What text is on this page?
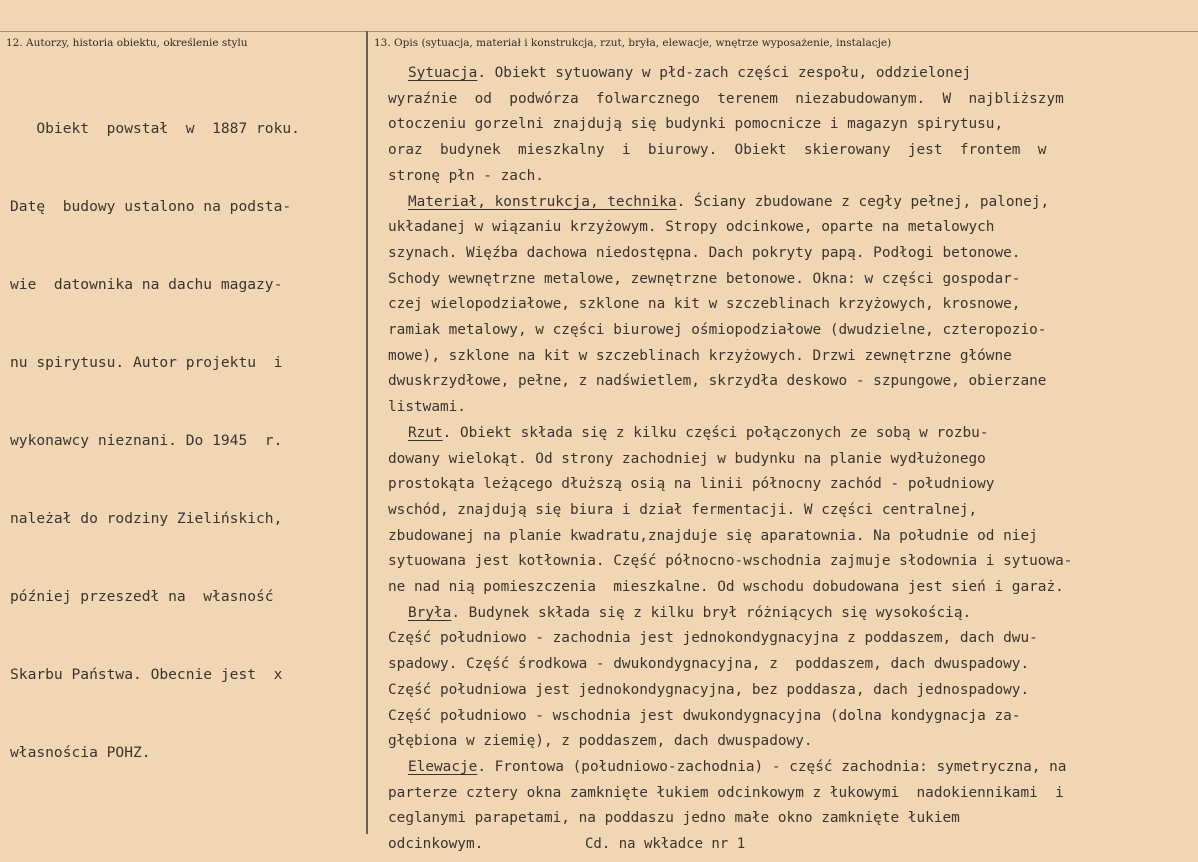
12. Autorzy, historia obiektu, określenie stylu	13. Opis (sytuacja, materiał i konstrukcja, rzut, bryła, elewacje, wnętrze wyposażenie, instalacje)

Obiekt  powstał  w  1887 roku.

Datę  budowy ustalono na podsta-

wie  datownika na dachu magazy-

nu spirytusu. Autor projektu  i

wykonawcy nieznani. Do 1945  r.

należał do rodziny Zielińskich,

później przeszedł na  własność

Skarbu Państwa. Obecnie jest  x

własnościa POHZ.

Sytuacja. Obiekt sytuowany w płd-zach części zespołu, oddzielonej
wyraźnie  od  podwórza  folwarcznego  terenem  niezabudowanym.  W  najbliższym
otoczeniu gorzelni znajdują się budynki pomocnicze i magazyn spirytusu,
oraz  budynek  mieszkalny  i  biurowy.  Obiekt  skierowany  jest  frontem  w
stronę płn - zach.
Materiał, konstrukcja, technika. Ściany zbudowane z cegły pełnej, palonej,
układanej w wiązaniu krzyżowym. Stropy odcinkowe, oparte na metalowych
szynach. Więźba dachowa niedostępna. Dach pokryty papą. Podłogi betonowe.
Schody wewnętrzne metalowe, zewnętrzne betonowe. Okna: w części gospodar-
czej wielopodziałowe, szklone na kit w szczeblinach krzyżowych, krosnowe,
ramiak metalowy, w części biurowej ośmiopodziałowe (dwudzielne, czteropozio-
mowe), szklone na kit w szczeblinach krzyżowych. Drzwi zewnętrzne główne
dwuskrzydłowe, pełne, z nadświetlem, skrzydła deskowo - szpungowe, obierzane
listwami.
Rzut. Obiekt składa się z kilku części połączonych ze sobą w rozbu-
dowany wielokąt. Od strony zachodniej w budynku na planie wydłużonego
prostokąta leżącego dłuższą osią na linii północny zachód - południowy
wschód, znajdują się biura i dział fermentacji. W części centralnej,
zbudowanej na planie kwadratu,znajduje się aparatownia. Na południe od niej
sytuowana jest kotłownia. Część północno-wschodnia zajmuje słodownia i sytuowa-
ne nad nią pomieszczenia  mieszkalne. Od wschodu dobudowana jest sień i garaż.
Bryła. Budynek składa się z kilku brył różniących się wysokością.
Część południowo - zachodnia jest jednokondygnacyjna z poddaszem, dach dwu-
spadowy. Część środkowa - dwukondygnacyjna, z  poddaszem, dach dwuspadowy.
Część południowa jest jednokondygnacyjna, bez poddasza, dach jednospadowy.
Część południowo - wschodnia jest dwukondygnacyjna (dolna kondygnacja za-
głębiona w ziemię), z poddaszem, dach dwuspadowy.
Elewacje. Frontowa (południowo-zachodnia) - część zachodnia: symetryczna, na
parterze cztery okna zamknięte łukiem odcinkowym z łukowymi  nadokiennikami  i
ceglanymi parapetami, na poddaszu jedno małe okno zamknięte łukiem
odcinkowym.	Cd. na wkładce nr 1
